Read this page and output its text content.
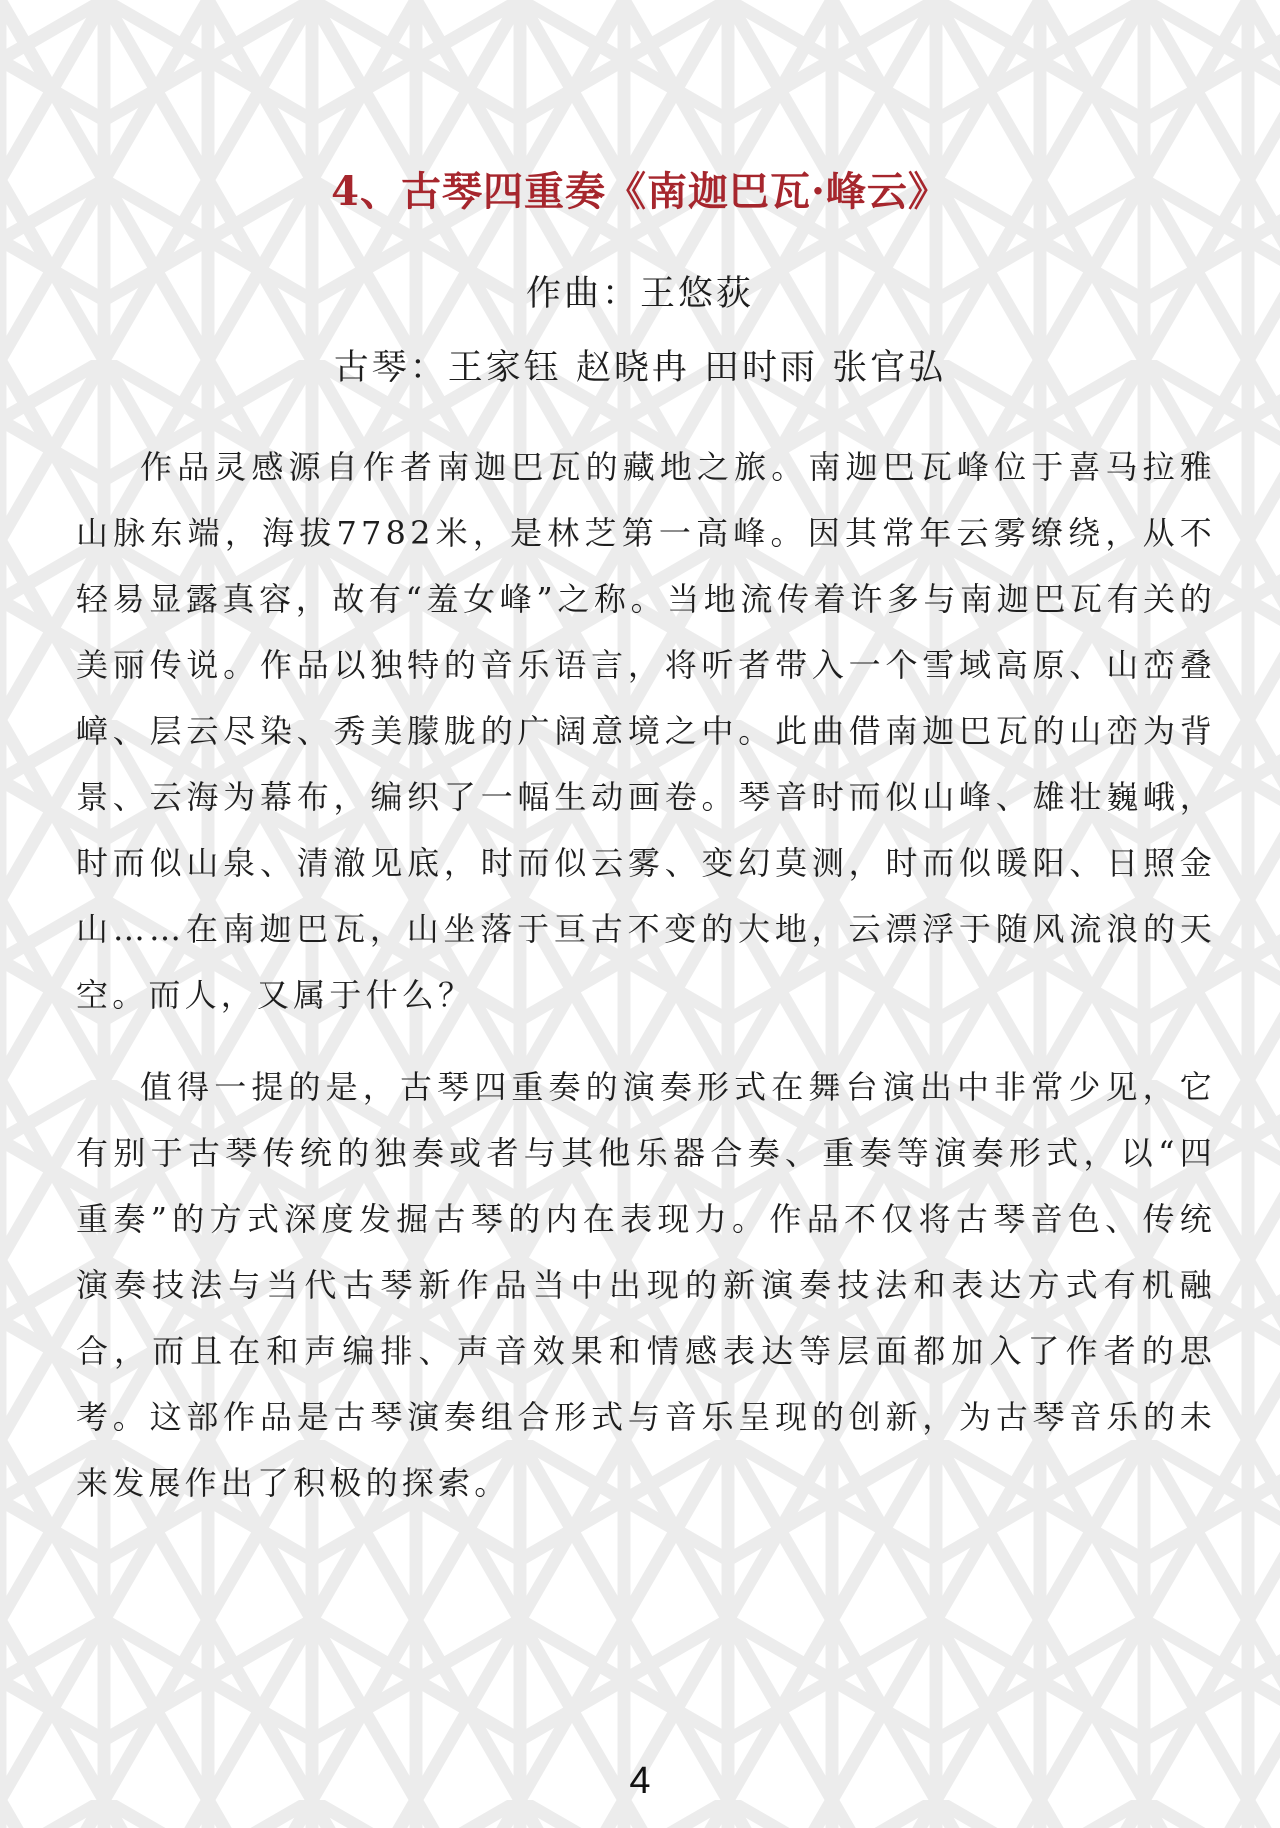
4、古琴四重奏《南迦巴瓦·峰云》

作曲：王悠荻

古琴：王家钰 赵晓冉 田时雨 张官弘

作品灵感源自作者南迦巴瓦的藏地之旅。南迦巴瓦峰位于喜马拉雅山脉东端，海拔7782米，是林芝第一高峰。因其常年云雾缭绕，从不轻易显露真容，故有“羞女峰”之称。当地流传着许多与南迦巴瓦有关的美丽传说。作品以独特的音乐语言，将听者带入一个雪域高原、山峦叠嶂、层云尽染、秀美朦胧的广阔意境之中。此曲借南迦巴瓦的山峦为背景、云海为幕布，编织了一幅生动画卷。琴音时而似山峰、雄壮巍峨，时而似山泉、清澈见底，时而似云雾、变幻莫测，时而似暖阳、日照金山……在南迦巴瓦，山坐落于亘古不变的大地，云漂浮于随风流浪的天空。而人，又属于什么？

值得一提的是，古琴四重奏的演奏形式在舞台演出中非常少见，它有别于古琴传统的独奏或者与其他乐器合奏、重奏等演奏形式，以“四重奏”的方式深度发掘古琴的内在表现力。作品不仅将古琴音色、传统演奏技法与当代古琴新作品当中出现的新演奏技法和表达方式有机融合，而且在和声编排、声音效果和情感表达等层面都加入了作者的思考。这部作品是古琴演奏组合形式与音乐呈现的创新，为古琴音乐的未来发展作出了积极的探索。

4
